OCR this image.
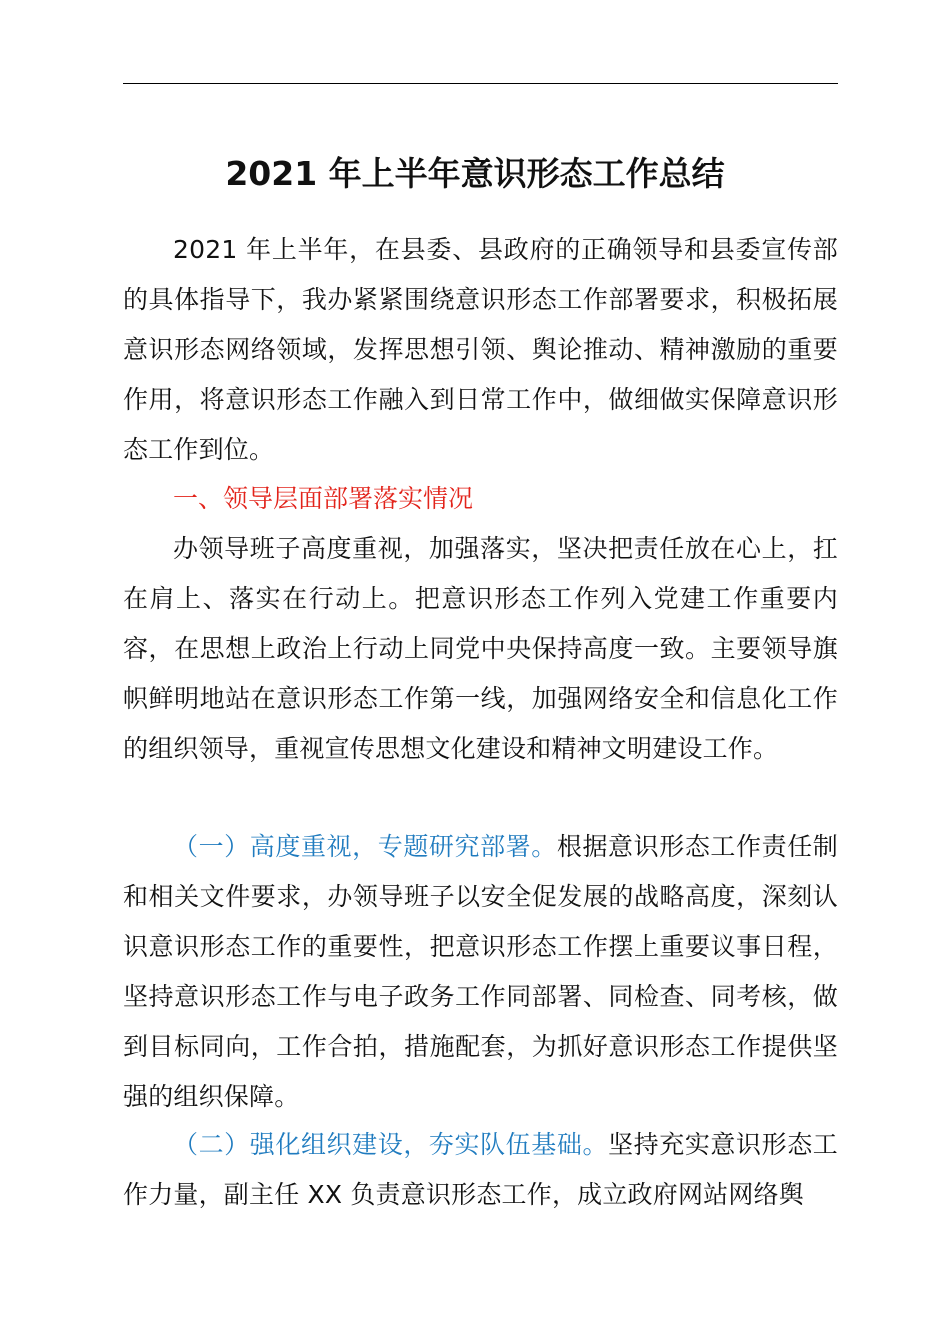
2021 年上半年意识形态工作总结

2021 年上半年，在县委、县政府的正确领导和县委宣传部的具体指导下，我办紧紧围绕意识形态工作部署要求，积极拓展意识形态网络领域，发挥思想引领、舆论推动、精神激励的重要作用，将意识形态工作融入到日常工作中，做细做实保障意识形态工作到位。

一、领导层面部署落实情况

办领导班子高度重视，加强落实，坚决把责任放在心上，扛在肩上、落实在行动上。把意识形态工作列入党建工作重要内容，在思想上政治上行动上同党中央保持高度一致。主要领导旗帜鲜明地站在意识形态工作第一线，加强网络安全和信息化工作的组织领导，重视宣传思想文化建设和精神文明建设工作。

（一）高度重视，专题研究部署。根据意识形态工作责任制和相关文件要求，办领导班子以安全促发展的战略高度，深刻认识意识形态工作的重要性，把意识形态工作摆上重要议事日程，坚持意识形态工作与电子政务工作同部署、同检查、同考核，做到目标同向，工作合拍，措施配套，为抓好意识形态工作提供坚强的组织保障。

（二）强化组织建设，夯实队伍基础。坚持充实意识形态工作力量，副主任 XX 负责意识形态工作，成立政府网站网络舆
